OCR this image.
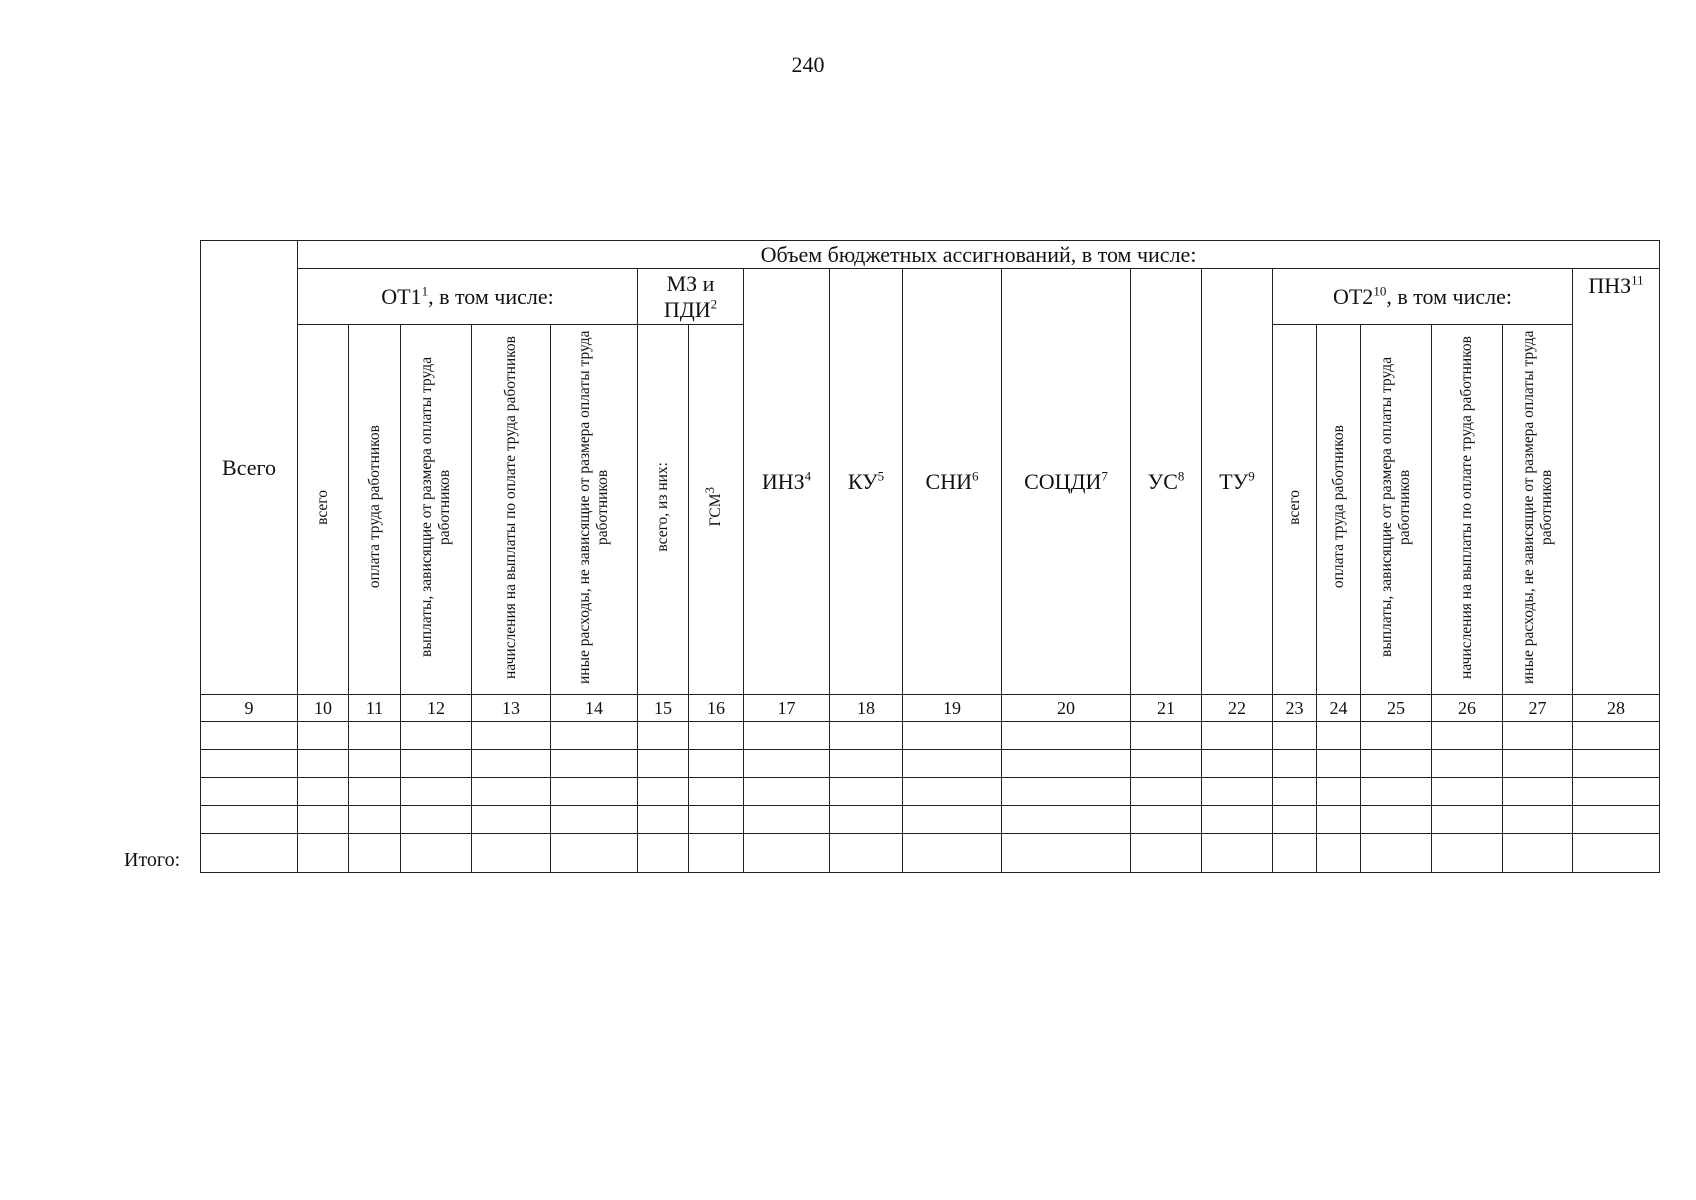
240
Всего	Объем бюджетных ассигнований, в том числе:																		
	$ОТ1^1$, в том числе:					МЗ и ПДИ$^2$		ИНЗ$^4$	$КУ^5$	СНИ$^6$	СОЦДИ$^7$	$УС^8$	$ТУ^9$	$ОТ2^{10}$, в том числе:					ПНЗ$^{11}$
	всего	оплата труда работников	выплаты, зависящие от размера оплаты труда работников	начисления на выплаты по оплате труда работников	иные расходы, не зависящие от размера оплаты труда работников	всего, из них:	ГСМ$^3$							всего	оплата труда работников	выплаты, зависящие от размера оплаты труда работников	начисления на выплаты по оплате труда работников	иные расходы, не зависящие от размера оплаты труда работников	
9	10	11	12	13	14	15	16	17	18	19	20	21	22	23	24	25	26	27	28

Итого:
